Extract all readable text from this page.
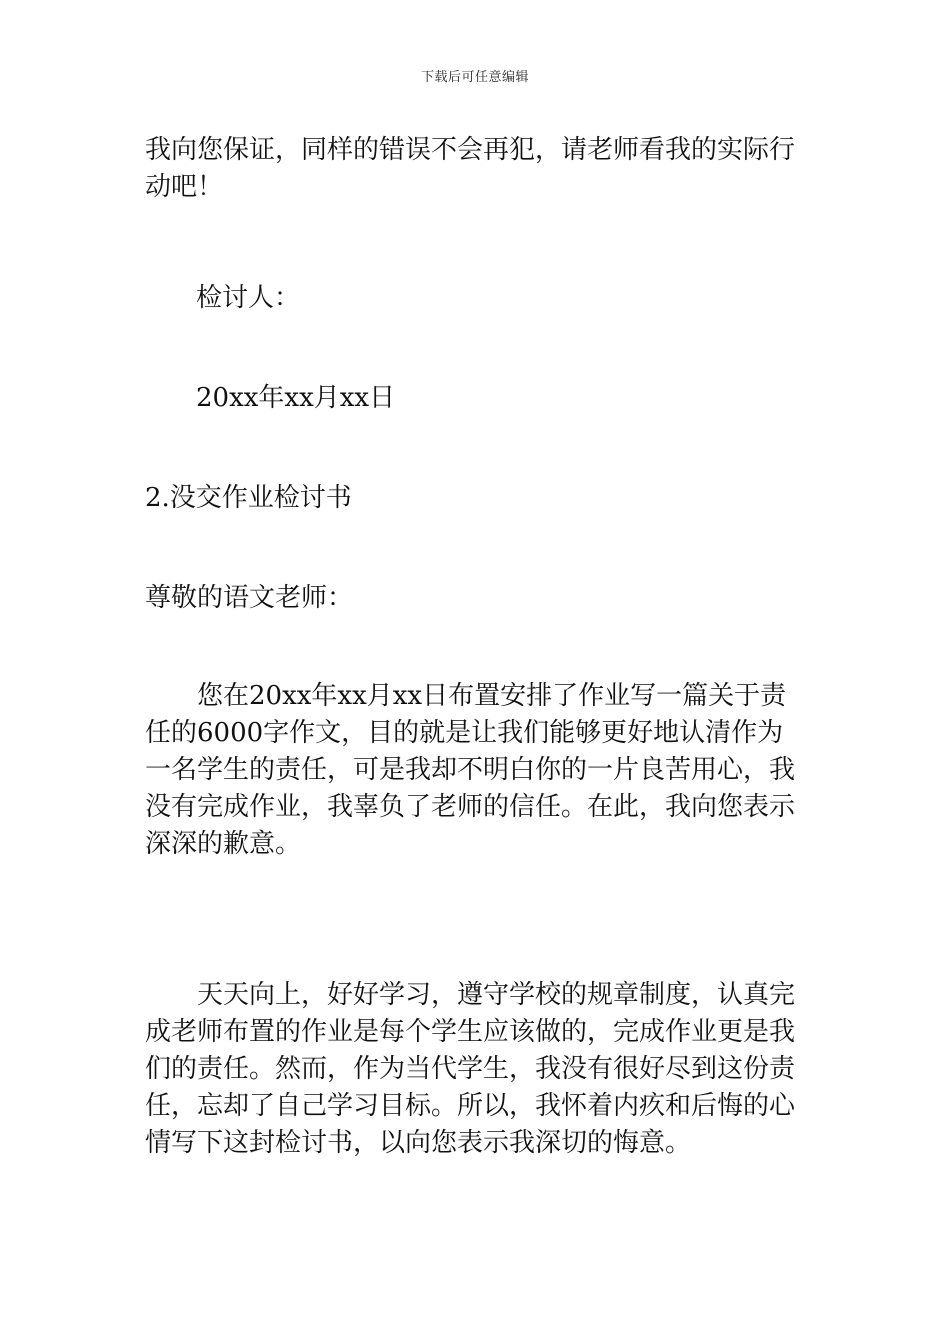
下载后可任意编辑
我向您保证，同样的错误不会再犯，请老师看我的实际行动吧！
检讨人：
20xx年xx月xx日
2.没交作业检讨书
尊敬的语文老师：
您在20xx年xx月xx日布置安排了作业写一篇关于责任的6000字作文，目的就是让我们能够更好地认清作为一名学生的责任，可是我却不明白你的一片良苦用心，我没有完成作业，我辜负了老师的信任。在此，我向您表示深深的歉意。
天天向上，好好学习，遵守学校的规章制度，认真完成老师布置的作业是每个学生应该做的，完成作业更是我们的责任。然而，作为当代学生，我没有很好尽到这份责任，忘却了自己学习目标。所以，我怀着内疚和后悔的心情写下这封检讨书，以向您表示我深切的悔意。
